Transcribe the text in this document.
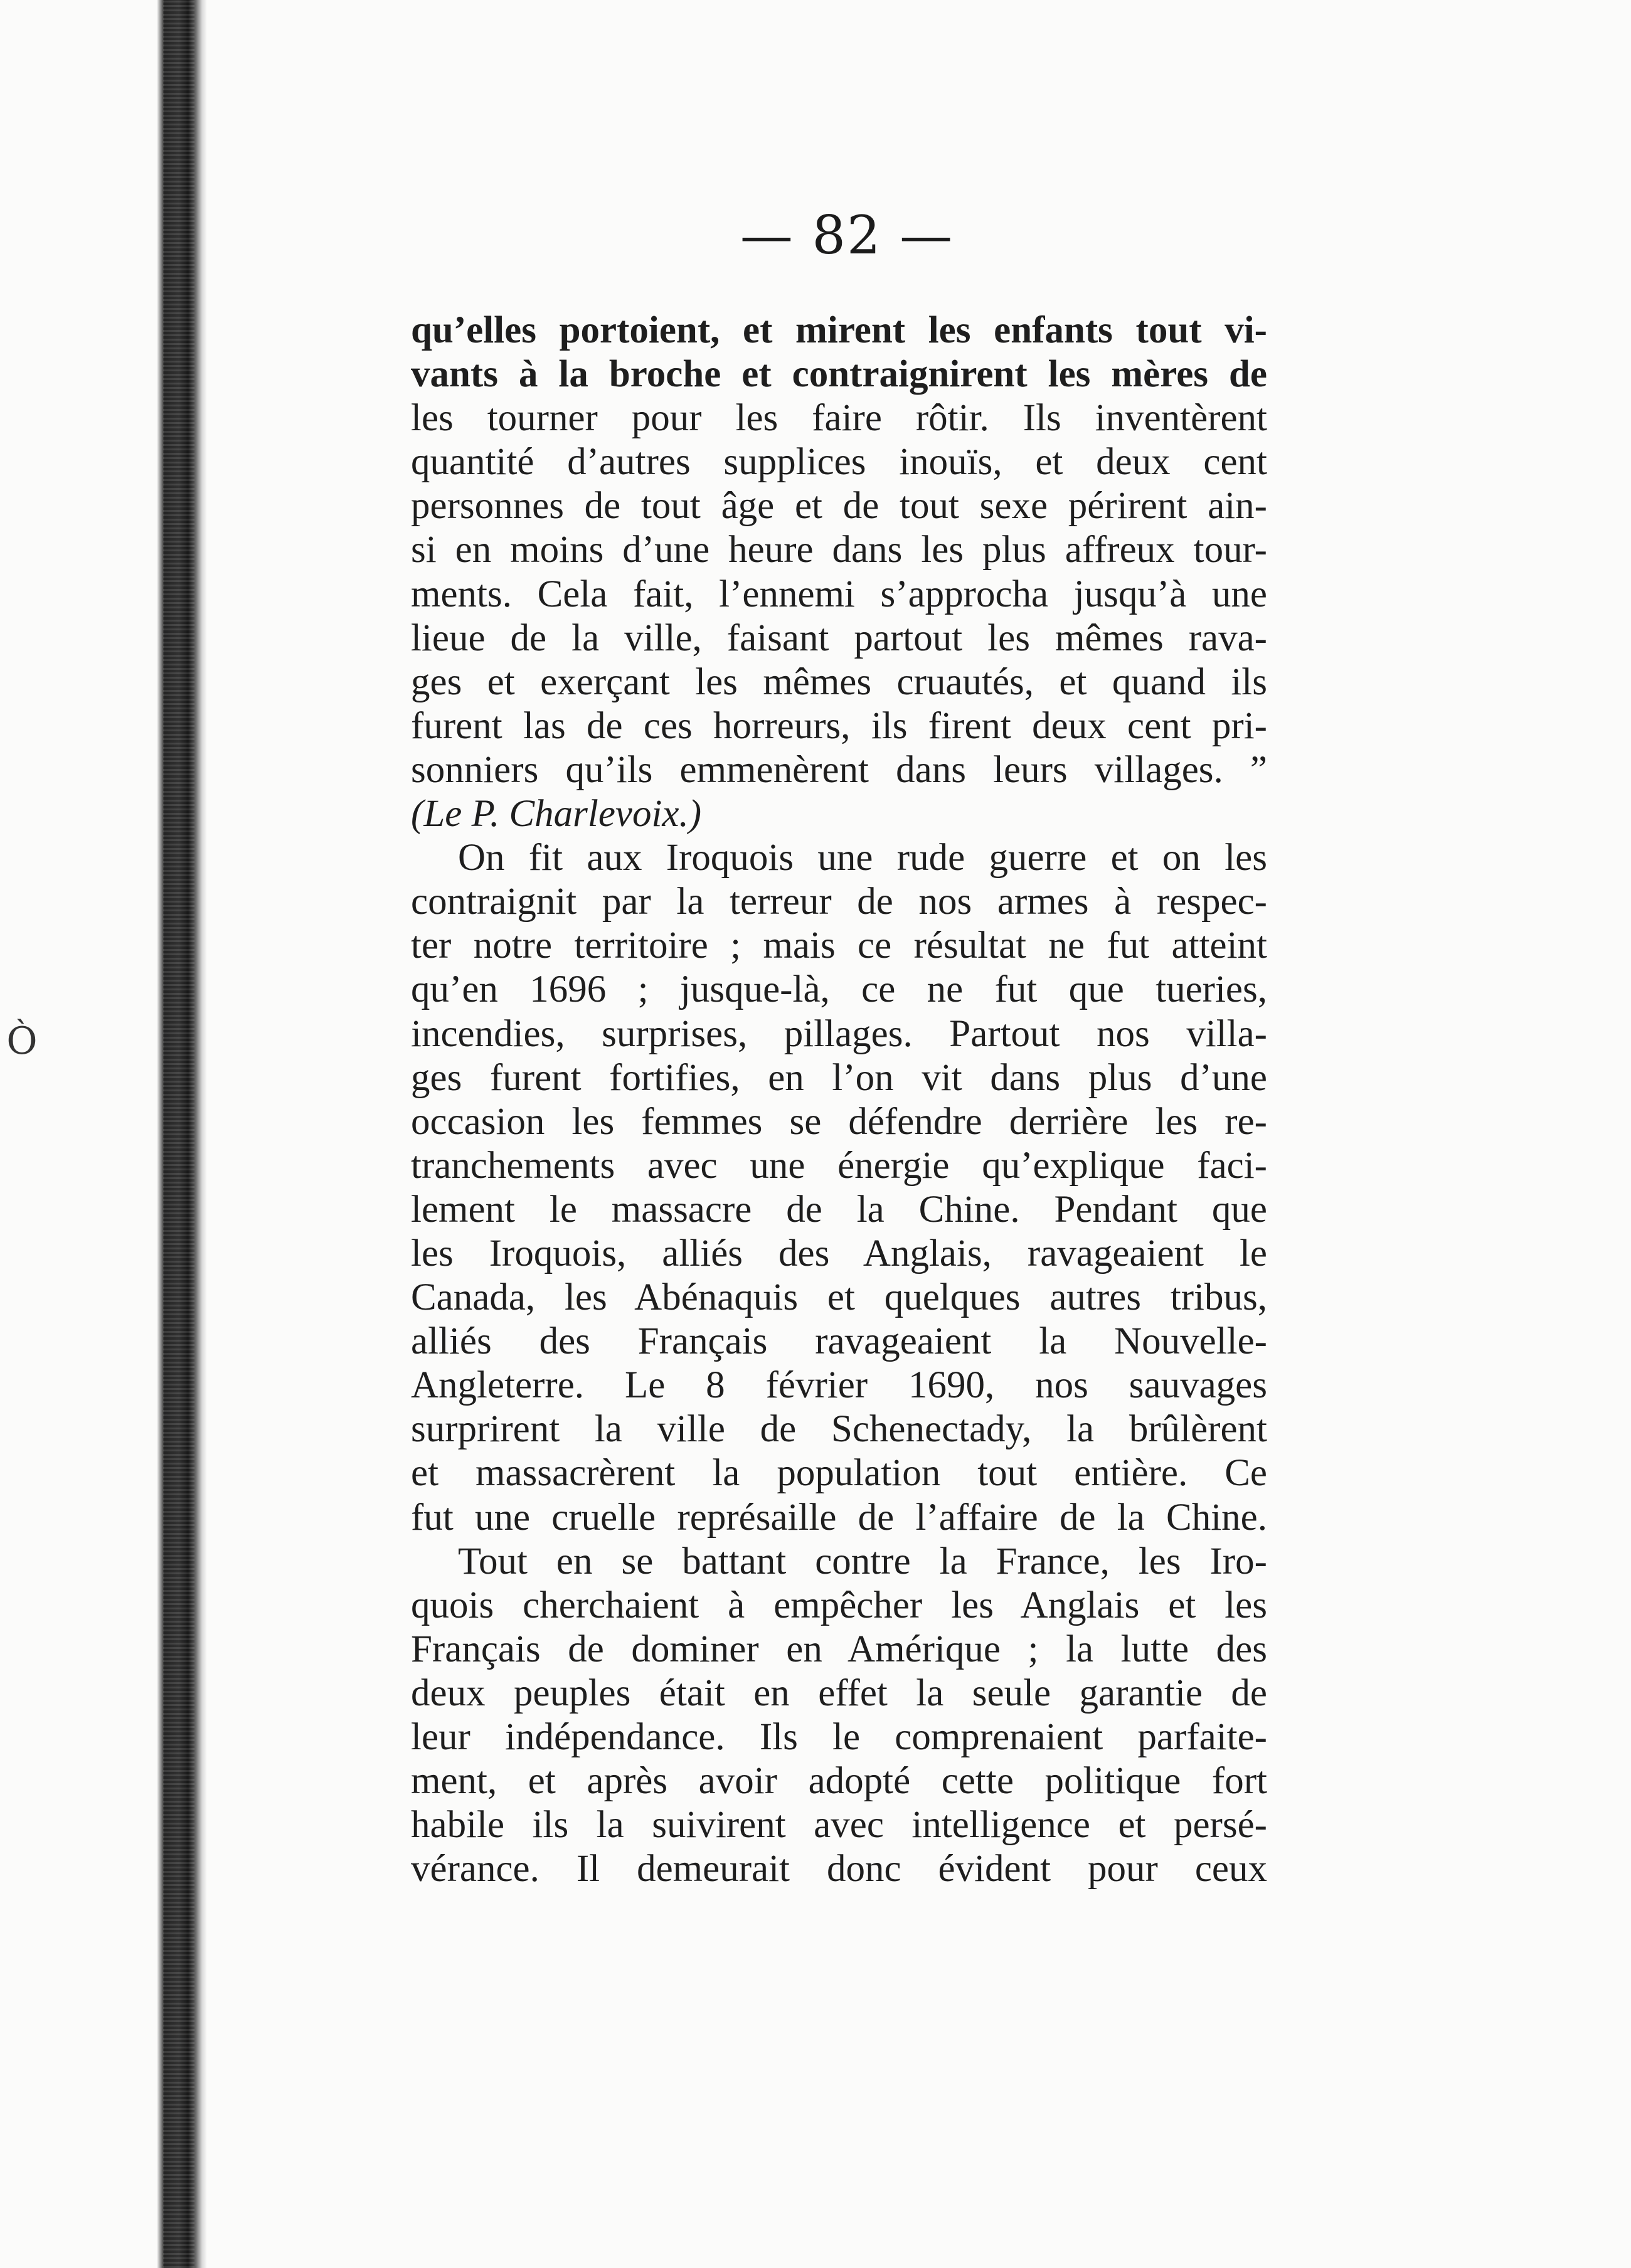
Ò
— 82 —
qu’elles portoient, et mirent les enfants tout vi-
vants à la broche et contraignirent les mères de
les tourner pour les faire rôtir. Ils inventèrent
quantité d’autres supplices inouïs, et deux cent
personnes de tout âge et de tout sexe périrent ain-
si en moins d’une heure dans les plus affreux tour-
ments. Cela fait, l’ennemi s’approcha jusqu’à une
lieue de la ville, faisant partout les mêmes rava-
ges et exerçant les mêmes cruautés, et quand ils
furent las de ces horreurs, ils firent deux cent pri-
sonniers qu’ils emmenèrent dans leurs villages. ”
(Le P. Charlevoix.)
On fit aux Iroquois une rude guerre et on les
contraignit par la terreur de nos armes à respec-
ter notre territoire ; mais ce résultat ne fut atteint
qu’en 1696 ; jusque-là, ce ne fut que tueries,
incendies, surprises, pillages. Partout nos villa-
ges furent fortifies, en l’on vit dans plus d’une
occasion les femmes se défendre derrière les re-
tranchements avec une énergie qu’explique faci-
lement le massacre de la Chine. Pendant que
les Iroquois, alliés des Anglais, ravageaient le
Canada, les Abénaquis et quelques autres tribus,
alliés des Français ravageaient la Nouvelle-
Angleterre. Le 8 février 1690, nos sauvages
surprirent la ville de Schenectady, la brûlèrent
et massacrèrent la population tout entière. Ce
fut une cruelle représaille de l’affaire de la Chine.
Tout en se battant contre la France, les Iro-
quois cherchaient à empêcher les Anglais et les
Français de dominer en Amérique ; la lutte des
deux peuples était en effet la seule garantie de
leur indépendance. Ils le comprenaient parfaite-
ment, et après avoir adopté cette politique fort
habile ils la suivirent avec intelligence et persé-
vérance. Il demeurait donc évident pour ceux
